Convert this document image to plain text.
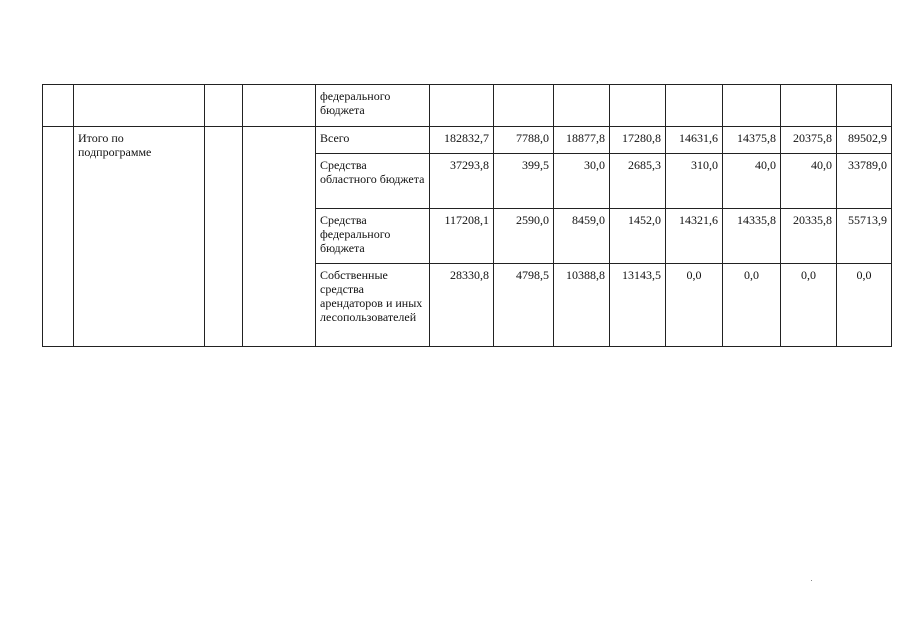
				федерального бюджета								
	Итого по подпрограмме			Всего	182832,7	7788,0	18877,8	17280,8	14631,6	14375,8	20375,8	89502,9
				Средства областного бюджета	37293,8	399,5	30,0	2685,3	310,0	40,0	40,0	33789,0
				Средства федерального бюджета	117208,1	2590,0	8459,0	1452,0	14321,6	14335,8	20335,8	55713,9
				Собственные средства арендаторов и иных лесопользователей	28330,8	4798,5	10388,8	13143,5	0,0	0,0	0,0	0,0
